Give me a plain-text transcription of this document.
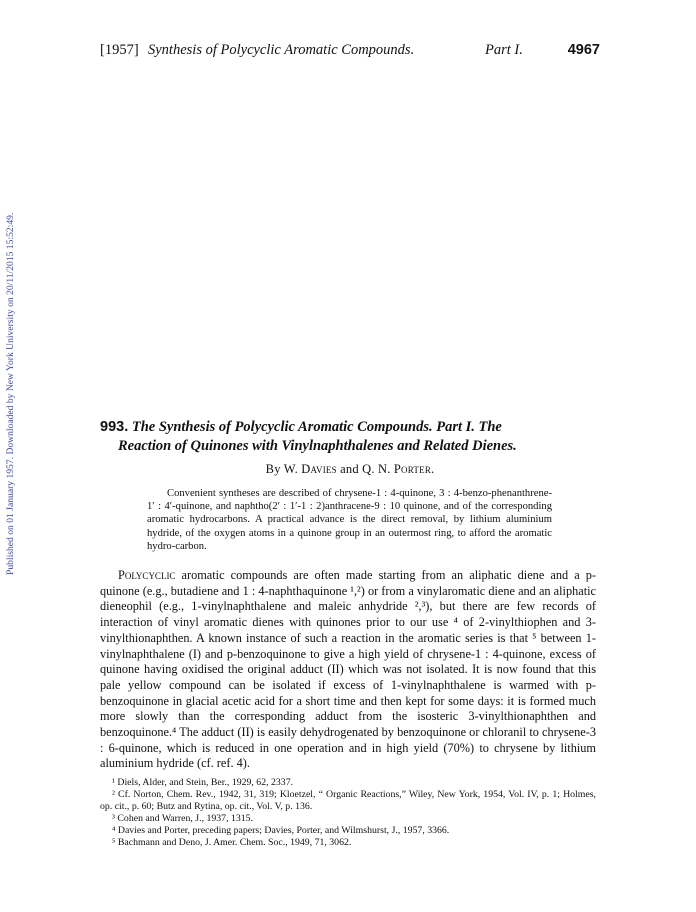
Published on 01 January 1957. Downloaded by New York University on 20/11/2015 15:52:49.
[1957] Synthesis of Polycyclic Aromatic Compounds.	Part I.	4967
993. The Synthesis of Polycyclic Aromatic Compounds. Part I. The
Reaction of Quinones with Vinylnaphthalenes and Related Dienes.
By W. Davies and Q. N. Porter.

Convenient syntheses are described of chrysene-1 : 4-quinone, 3 : 4-benzo-phenanthrene-1′ : 4′-quinone, and naphtho(2′ : 1′-1 : 2)anthracene-9 : 10 quinone, and of the corresponding aromatic hydrocarbons. A practical advance is the direct removal, by lithium aluminium hydride, of the oxygen atoms in a quinone group in an outermost ring, to afford the aromatic hydro-carbon.

Polycyclic aromatic compounds are often made starting from an aliphatic diene and a p-quinone (e.g., butadiene and 1 : 4-naphthaquinone ¹,²) or from a vinylaromatic diene and an aliphatic dieneophil (e.g., 1-vinylnaphthalene and maleic anhydride ²,³), but there are few records of interaction of vinyl aromatic dienes with quinones prior to our use ⁴ of 2-vinylthiophen and 3-vinylthionaphthen. A known instance of such a reaction in the aromatic series is that ⁵ between 1-vinylnaphthalene (I) and p-benzoquinone to give a high yield of chrysene-1 : 4-quinone, excess of quinone having oxidised the original adduct (II) which was not isolated. It is now found that this pale yellow compound can be isolated if excess of 1-vinylnaphthalene is warmed with p-benzoquinone in glacial acetic acid for a short time and then kept for some days: it is formed much more slowly than the corresponding adduct from the isosteric 3-vinylthionaphthen and benzoquinone.⁴ The adduct (II) is easily dehydrogenated by benzoquinone or chloranil to chrysene-3 : 6-quinone, which is reduced in one operation and in high yield (70%) to chrysene by lithium aluminium hydride (cf. ref. 4).

¹ Diels, Alder, and Stein, Ber., 1929, 62, 2337.

² Cf. Norton, Chem. Rev., 1942, 31, 319; Kloetzel, “ Organic Reactions,” Wiley, New York, 1954, Vol. IV, p. 1; Holmes, op. cit., p. 60; Butz and Rytina, op. cit., Vol. V, p. 136.

³ Cohen and Warren, J., 1937, 1315.

⁴ Davies and Porter, preceding papers; Davies, Porter, and Wilmshurst, J., 1957, 3366.

⁵ Bachmann and Deno, J. Amer. Chem. Soc., 1949, 71, 3062.
